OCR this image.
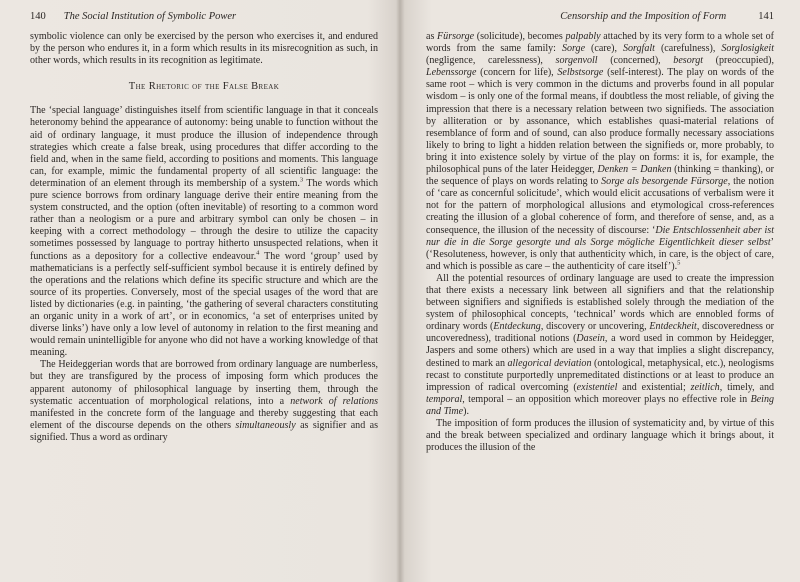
140 The Social Institution of Symbolic Power

symbolic violence can only be exercised by the person who exercises it, and endured by the person who endures it, in a form which results in its misrecognition as such, in other words, which results in its recognition as legitimate.

The Rhetoric of the False Break

The ‘special language’ distinguishes itself from scientific language in that it conceals heteronomy behind the appearance of autonomy: being unable to function without the aid of ordinary language, it must produce the illusion of independence through strategies which create a false break, using procedures that differ according to the field and, when in the same field, according to positions and moments. This language can, for example, mimic the fundamental property of all scientific language: the determination of an element through its membership of a system.$^3$ The words which pure science borrows from ordinary language derive their entire meaning from the system constructed, and the option (often inevitable) of resorting to a common word rather than a neologism or a pure and arbitrary symbol can only be chosen – in keeping with a correct methodology – through the desire to utilize the capacity sometimes possessed by language to portray hitherto unsuspected relations, when it functions as a depository for a collective endeavour.$^4$ The word ‘group’ used by mathematicians is a perfectly self-sufficient symbol because it is entirely defined by the operations and the relations which define its specific structure and which are the source of its properties. Conversely, most of the special usages of the word that are listed by dictionaries (e.g. in painting, ‘the gathering of several characters constituting an organic unity in a work of art’, or in economics, ‘a set of enterprises united by diverse links’) have only a low level of autonomy in relation to the first meaning and would remain unintelligible for anyone who did not have a working knowledge of that meaning.

The Heideggerian words that are borrowed from ordinary language are numberless, but they are transfigured by the process of imposing form which produces the apparent autonomy of philosophical language by inserting them, through the systematic accentuation of morphological relations, into a network of relations manifested in the concrete form of the language and thereby suggesting that each element of the discourse depends on the others simultaneously as signifier and as signified. Thus a word as ordinary

Censorship and the Imposition of Form	141

as Fürsorge (solicitude), becomes palpably attached by its very form to a whole set of words from the same family: Sorge (care), Sorgfalt (carefulness), Sorglosigkeit (negligence, carelessness), sorgenvoll (concerned), besorgt (preoccupied), Lebenssorge (concern for life), Selbstsorge (self-interest). The play on words of the same root – which is very common in the dictums and proverbs found in all popular wisdom – is only one of the formal means, if doubtless the most reliable, of giving the impression that there is a necessary relation between two signifieds. The association by alliteration or by assonance, which establishes quasi-material relations of resemblance of form and of sound, can also produce formally necessary associations likely to bring to light a hidden relation between the signifieds or, more probably, to bring it into existence solely by virtue of the play on forms: it is, for example, the philosophical puns of the later Heidegger, Denken = Danken (thinking = thanking), or the sequence of plays on words relating to Sorge als besorgende Fürsorge, the notion of ‘care as concernful solicitude’, which would elicit accusations of verbalism were it not for the pattern of morphological allusions and etymological cross-references creating the illusion of a global coherence of form, and therefore of sense, and, as a consequence, the illusion of the necessity of discourse: ‘Die Entschlossenheit aber ist nur die in die Sorge gesorgte und als Sorge mögliche Eigentlichkeit dieser selbst’ (‘Resoluteness, however, is only that authenticity which, in care, is the object of care, and which is possible as care – the authenticity of care itself’).$^5$

All the potential resources of ordinary language are used to create the impression that there exists a necessary link between all signifiers and that the relationship between signifiers and signifieds is established solely through the mediation of the system of philosophical concepts, ‘technical’ words which are ennobled forms of ordinary words (Entdeckung, discovery or uncovering, Entdeckheit, discoveredness or uncoveredness), traditional notions (Dasein, a word used in common by Heidegger, Jaspers and some others) which are used in a way that implies a slight discrepancy, destined to mark an allegorical deviation (ontological, metaphysical, etc.), neologisms recast to constitute purportedly unpremeditated distinctions or at least to produce an impression of radical overcoming (existentiel and existential; zeitlich, timely, and temporal, temporal – an opposition which moreover plays no effective role in Being and Time).

The imposition of form produces the illusion of systematicity and, by virtue of this and the break between specialized and ordinary language which it brings about, it produces the illusion of the
